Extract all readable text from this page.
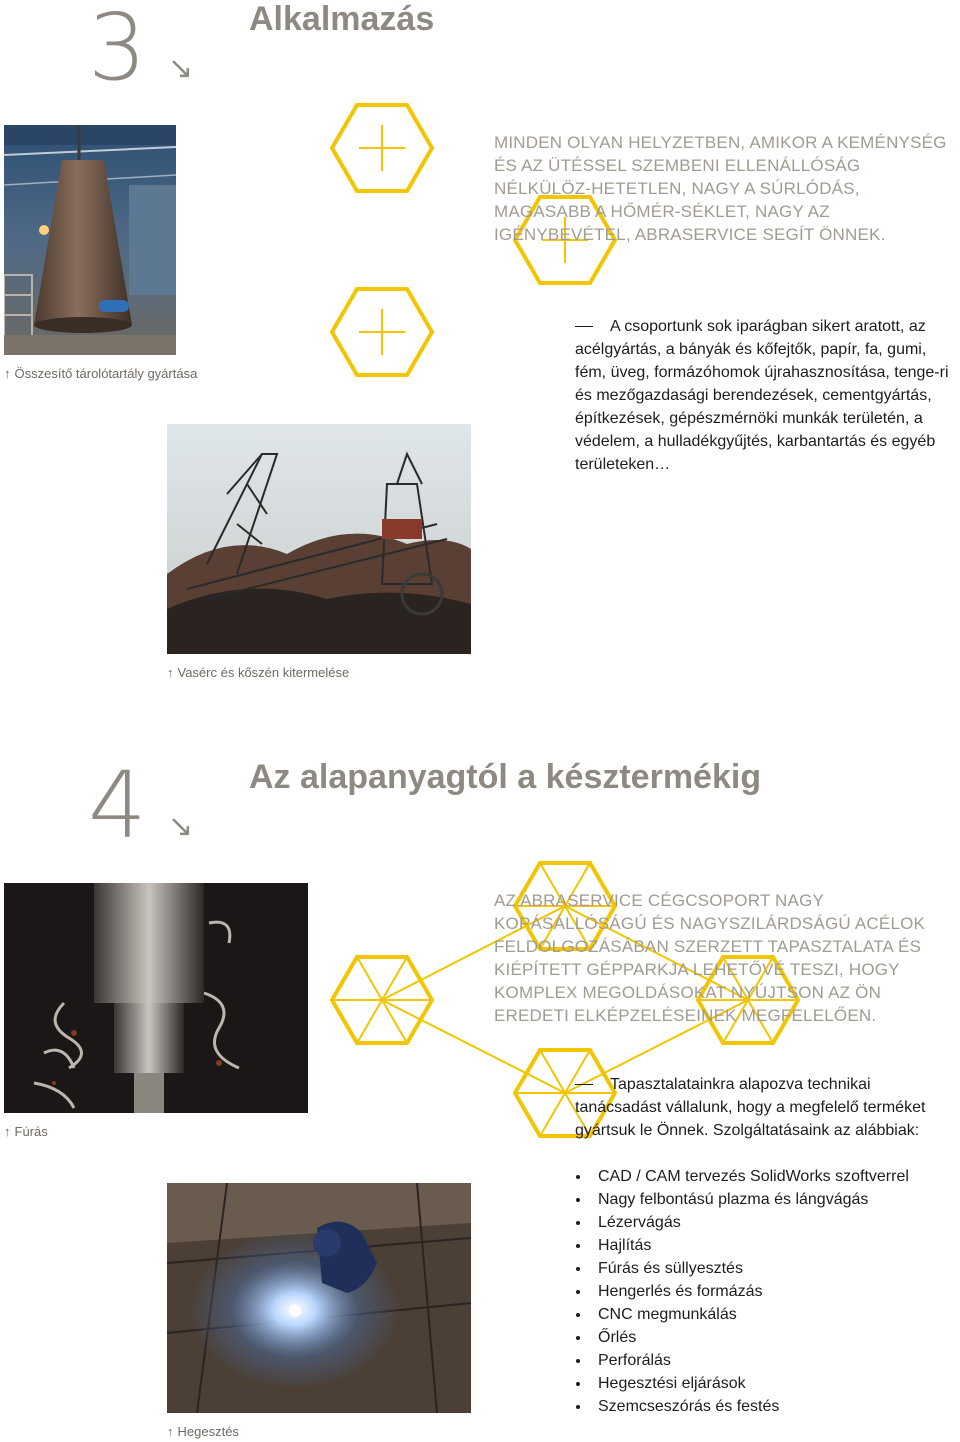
3 ↘
Alkalmazás
↑ Összesítő tárolótartály gyártása
↑ Vasérc és kőszén kitermelése
MINDEN OLYAN HELYZETBEN, AMIKOR A KEMÉNYSÉG ÉS AZ ÜTÉSSEL SZEMBENI ELLENÁLLÓSÁG NÉLKÜLÖZ-HETETLEN, NAGY A SÚRLÓDÁS, MAGASABB A HŐMÉR-SÉKLET, NAGY AZ IGÉNYBEVÉTEL, ABRASERVICE SEGÍT ÖNNEK.
A csoportunk sok iparágban sikert aratott, az acélgyártás, a bányák és kőfejtők, papír, fa, gumi, fém, üveg, formázóhomok újrahasznosítása, tenge-ri és mezőgazdasági berendezések, cementgyártás, építkezések, gépészmérnöki munkák területén, a védelem, a hulladékgyűjtés, karbantartás és egyéb területeken…
4 ↘
Az alapanyagtól a késztermékig
↑ Fúrás
↑ Hegesztés
AZ ABRASERVICE CÉGCSOPORT NAGY KOPÁSÁLLÓSÁGÚ ÉS NAGYSZILÁRDSÁGÚ ACÉLOK FELDOLGOZÁSÁBAN SZERZETT TAPASZTALATA ÉS KIÉPÍTETT GÉPPARKJA LEHETŐVÉ TESZI, HOGY KOMPLEX MEGOLDÁSOKAT NYÚJTSON AZ ÖN EREDETI ELKÉPZELÉSEINEK MEGFELELŐEN.
Tapasztalatainkra alapozva technikai tanácsadást vállalunk, hogy a megfelelő terméket gyártsuk le Önnek. Szolgáltatásaink az alábbiak:
CAD / CAM tervezés SolidWorks szoftverrel
Nagy felbontású plazma és lángvágás
Lézervágás
Hajlítás
Fúrás és süllyesztés
Hengerlés és formázás
CNC megmunkálás
Őrlés
Perforálás
Hegesztési eljárások
Szemcseszórás és festés
